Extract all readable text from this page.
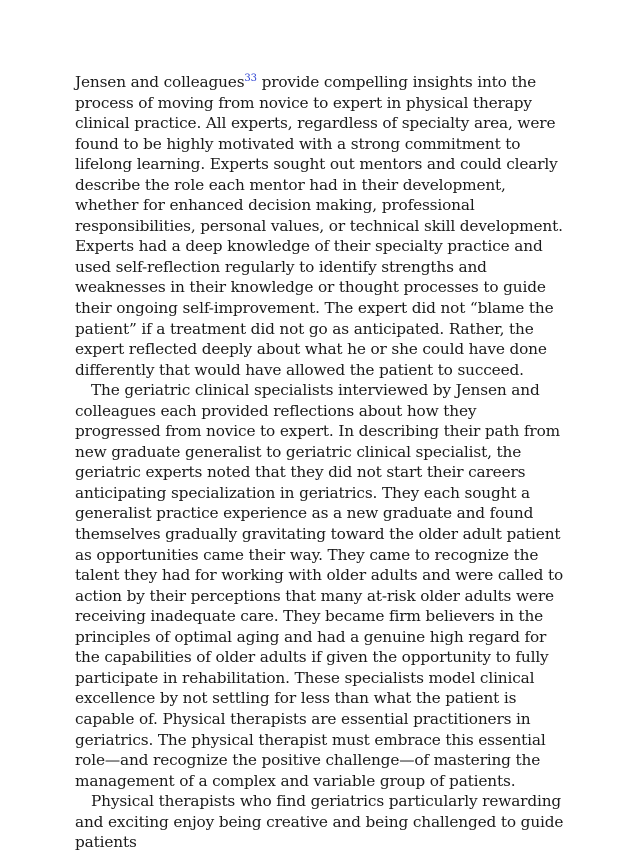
Jensen and colleagues$^{33}$ provide compelling insights into the process of moving from novice to expert in physical therapy clinical practice. All experts, regardless of specialty area, were found to be highly motivated with a strong commitment to lifelong learning. Experts sought out mentors and could clearly describe the role each mentor had in their development, whether for enhanced decision making, professional responsibilities, personal values, or technical skill development. Experts had a deep knowledge of their specialty practice and used self-reflection regularly to identify strengths and weaknesses in their knowledge or thought processes to guide their ongoing self-improvement. The expert did not “blame the patient” if a treatment did not go as anticipated. Rather, the expert reflected deeply about what he or she could have done differently that would have allowed the patient to succeed.

The geriatric clinical specialists interviewed by Jensen and colleagues each provided reflections about how they progressed from novice to expert. In describing their path from new graduate generalist to geriatric clinical specialist, the geriatric experts noted that they did not start their careers anticipating specialization in geriatrics. They each sought a generalist practice experience as a new graduate and found themselves gradually gravitating toward the older adult patient as opportunities came their way. They came to recognize the talent they had for working with older adults and were called to action by their perceptions that many at-risk older adults were receiving inadequate care. They became firm believers in the principles of optimal aging and had a genuine high regard for the capabilities of older adults if given the opportunity to fully participate in rehabilitation. These specialists model clinical excellence by not settling for less than what the patient is capable of. Physical therapists are essential practitioners in geriatrics. The physical therapist must embrace this essential role—and recognize the positive challenge—of mastering the management of a complex and variable group of patients.

Physical therapists who find geriatrics particularly rewarding and exciting enjoy being creative and being challenged to guide patients
